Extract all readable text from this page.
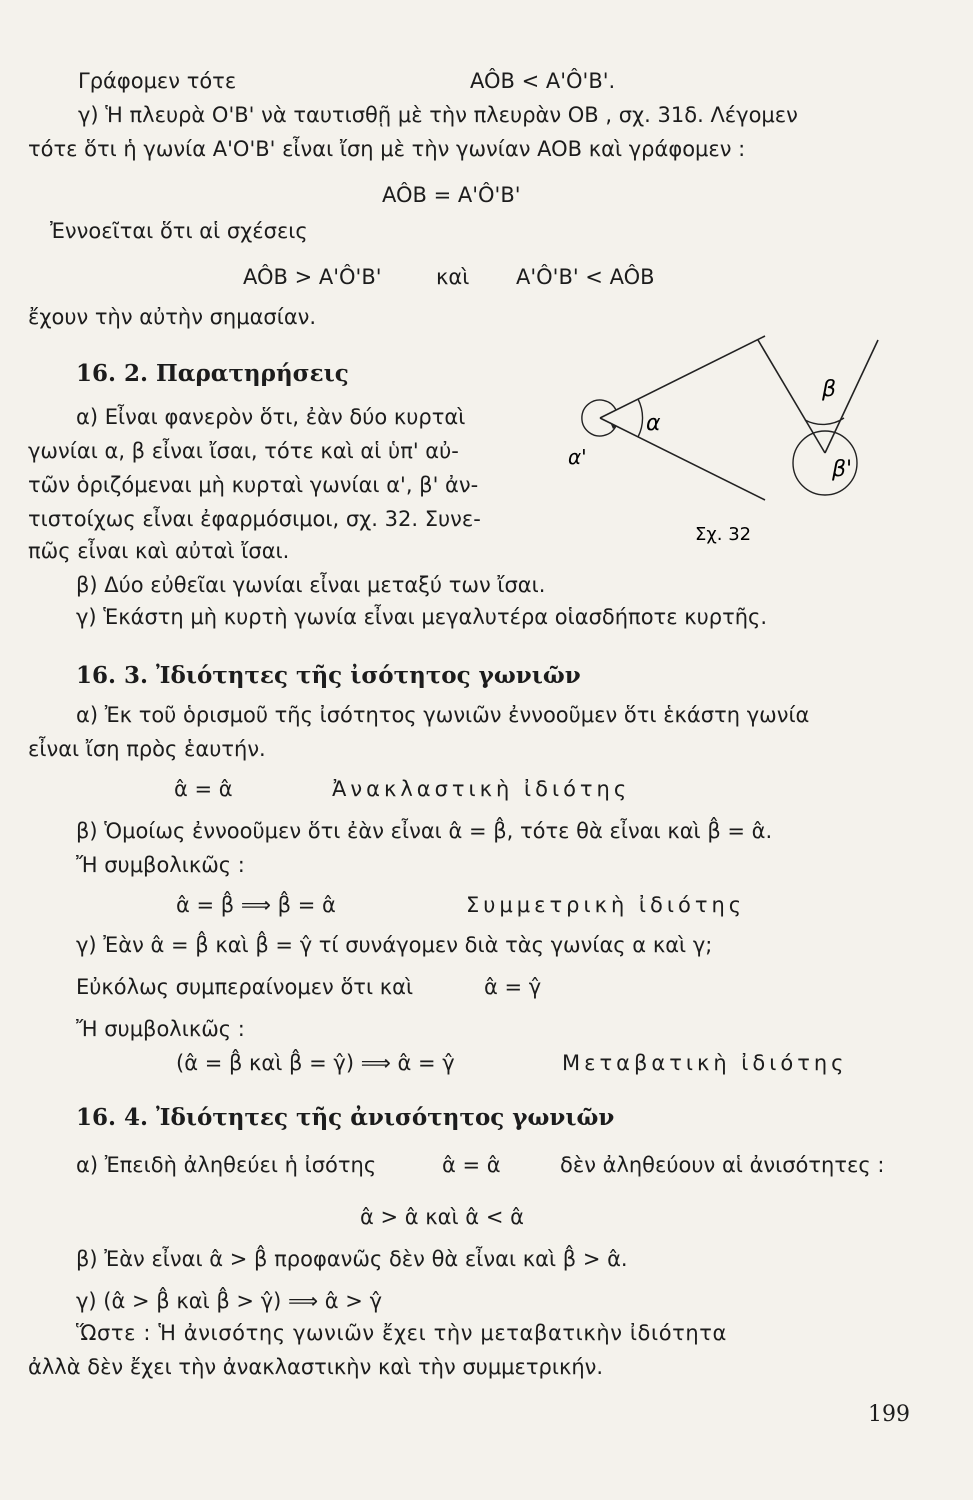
Γράφομεν τότε	AÔB < A'Ô'B'.
γ) Ἡ πλευρὰ O'B' νὰ ταυτισθῇ μὲ τὴν πλευρὰν OB , σχ. 31δ. Λέγομεν
τότε ὅτι ἡ γωνία A'O'B' εἶναι ἴση μὲ τὴν γωνίαν AOB καὶ γράφομεν :
AÔB = A'Ô'B'
Ἐννοεῖται ὅτι αἱ σχέσεις
AÔB > A'Ô'B'	καὶ A'Ô'B' < AÔB
ἔχουν τὴν αὐτὴν σημασίαν.
16. 2. Παρατηρήσεις
α) Εἶναι φανερὸν ὅτι, ἐὰν δύο κυρταὶ
γωνίαι α, β εἶναι ἴσαι, τότε καὶ αἱ ὑπ' αὐ-
τῶν ὁριζόμεναι μὴ κυρταὶ γωνίαι α', β' ἀν-
τιστοίχως εἶναι ἐφαρμόσιμοι, σχ. 32. Συνε-
πῶς εἶναι καὶ αὐταὶ ἴσαι.
α
α'
β
β'
Σχ. 32
β) Δύο εὐθεῖαι γωνίαι εἶναι μεταξύ των ἴσαι.
γ) Ἑκάστη μὴ κυρτὴ γωνία εἶναι μεγαλυτέρα οἱασδήποτε κυρτῆς.
16. 3. Ἰδιότητες τῆς ἰσότητος γωνιῶν
α) Ἐκ τοῦ ὁρισμοῦ τῆς ἰσότητος γωνιῶν ἐννοοῦμεν ὅτι ἑκάστη γωνία
εἶναι ἴση πρὸς ἑαυτήν.
α̂ = α̂	Ἀνακλαστικὴ ἰδιότης
β) Ὁμοίως ἐννοοῦμεν ὅτι ἐὰν εἶναι α̂ = β̂, τότε θὰ εἶναι καὶ β̂ = α̂.
Ἤ συμβολικῶς :
α̂ = β̂ ⟹ β̂ = α̂	Συμμετρικὴ ἰδιότης
γ) Ἐὰν α̂ = β̂ καὶ β̂ = γ̂ τί συνάγομεν διὰ τὰς γωνίας α καὶ γ;
Εὐκόλως συμπεραίνομεν ὅτι καὶ	α̂ = γ̂
Ἤ συμβολικῶς :
(α̂ = β̂ καὶ β̂ = γ̂) ⟹ α̂ = γ̂	Μεταβατικὴ ἰδιότης
16. 4. Ἰδιότητες τῆς ἀνισότητος γωνιῶν
α) Ἐπειδὴ ἀληθεύει ἡ ἰσότης	α̂ = α̂	δὲν ἀληθεύουν αἱ ἀνισότητες :
α̂ > α̂ καὶ α̂ < α̂
β) Ἐὰν εἶναι α̂ > β̂ προφανῶς δὲν θὰ εἶναι καὶ β̂ > α̂.
γ) (α̂ > β̂ καὶ β̂ > γ̂) ⟹ α̂ > γ̂
Ὥστε : Ἡ ἀνισότης γωνιῶν ἔχει τὴν μεταβατικὴν ἰδιότητα
ἀλλὰ δὲν ἔχει τὴν ἀνακλαστικὴν καὶ τὴν συμμετρικήν.
199
